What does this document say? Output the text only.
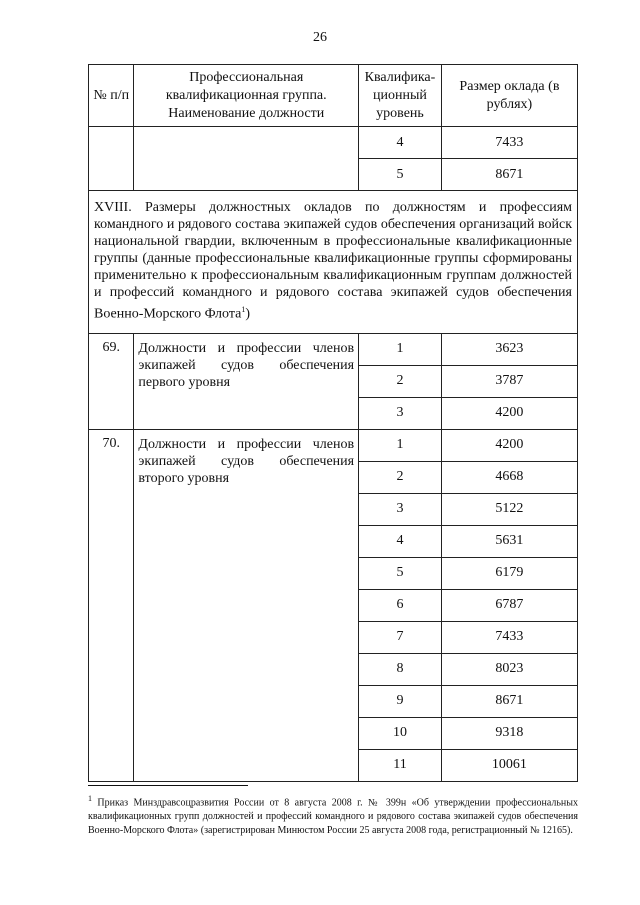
26
№ п/п	Профессиональная квалификационная группа. Наименование должности	Квалифика-ционный уровень	Размер оклада (в рублях)
		4	7433
		5	8671
XVIII. Размеры должностных окладов по должностям и профессиям командного и рядового состава экипажей судов обеспечения организаций войск национальной гвардии, включенным в профессиональные квалификационные группы (данные профессиональные квалификационные группы сформированы применительно к профессиональным квалификационным группам должностей и профессий командного и рядового состава экипажей судов обеспечения Военно-Морского Флота$^1$)			
69.	Должности и профессии членов экипажей судов обеспечения первого уровня	1	3623
		2	3787
		3	4200
70.	Должности и профессии членов экипажей судов обеспечения второго уровня	1	4200
		2	4668
		3	5122
		4	5631
		5	6179
		6	6787
		7	7433
		8	8023
		9	8671
		10	9318
		11	10061
$^1$ Приказ Минздравсоцразвития России от 8 августа 2008 г. № 399н «Об утверждении профессиональных квалификационных групп должностей и профессий командного и рядового состава экипажей судов обеспечения Военно-Морского Флота» (зарегистрирован Минюстом России 25 августа 2008 года, регистрационный № 12165).
